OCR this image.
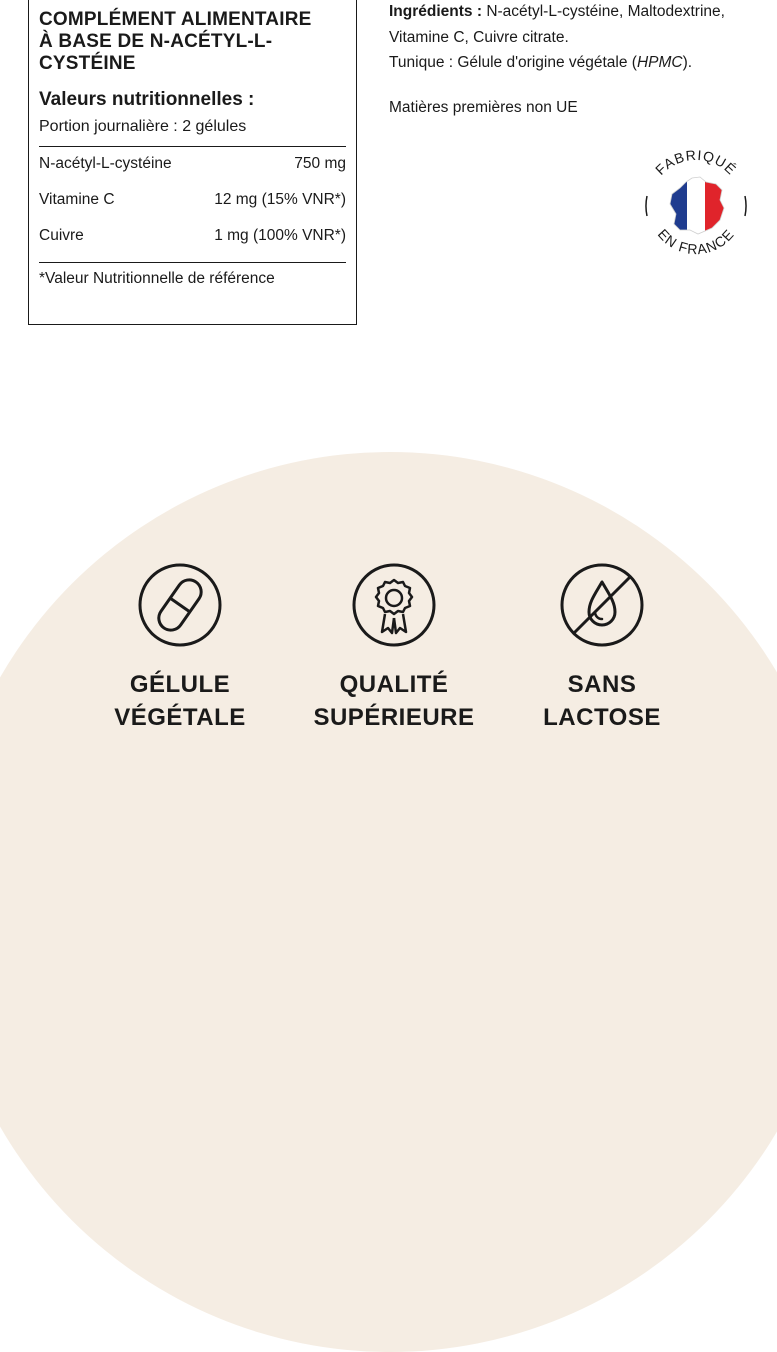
COMPLÉMENT ALIMENTAIRE
À BASE DE N-ACÉTYL-L-
CYSTÉINE
Valeurs nutritionnelles :
Portion journalière : 2 gélules
N-acétyl-L-cystéine	750 mg
Vitamine C	12 mg (15% VNR*)
Cuivre	1 mg (100% VNR*)
*Valeur Nutritionnelle de référence

Ingrédients : N-acétyl-L-cystéine, Maltodextrine,

Vitamine C, Cuivre citrate.

Tunique : Gélule d'origine végétale (HPMC).

Matières premières non UE
FABRIQUÉ
EN FRANCE
GÉLULE
VÉGÉTALE
QUALITÉ
SUPÉRIEURE
SANS
LACTOSE
